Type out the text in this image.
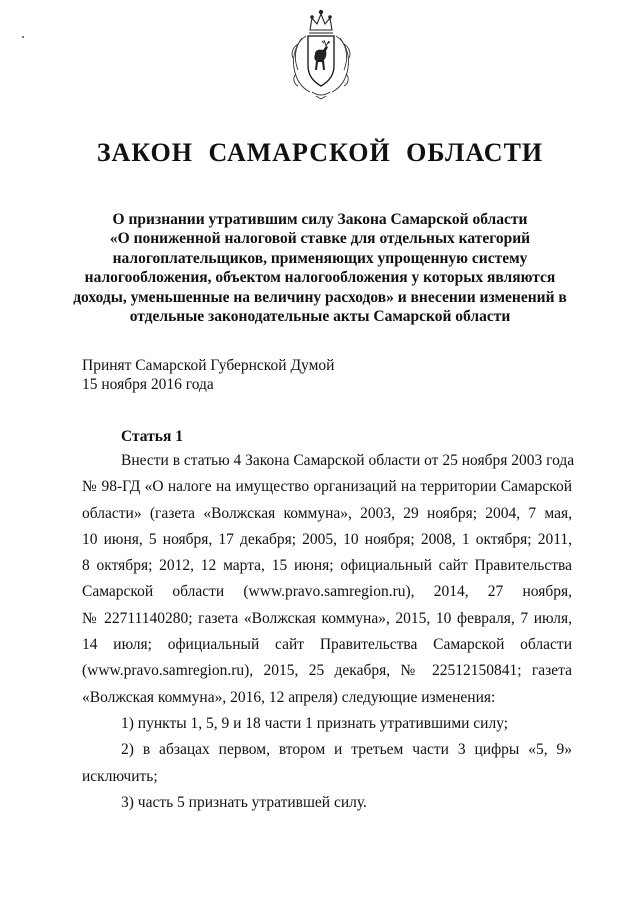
ЗАКОН САМАРСКОЙ ОБЛАСТИ
О признании утратившим силу Закона Самарской области
«О пониженной налоговой ставке для отдельных категорий
налогоплательщиков, применяющих упрощенную систему
налогообложения, объектом налогообложения у которых являются
доходы, уменьшенные на величину расходов» и внесении изменений в
отдельные законодательные акты Самарской области
Принят Самарской Губернской Думой
15 ноября 2016 года
Статья 1
Внести в статью 4 Закона Самарской области от 25 ноября 2003 года
№ 98-ГД «О налоге на имущество организаций на территории Самарской
области» (газета «Волжская коммуна», 2003, 29 ноября; 2004, 7 мая,
10 июня, 5 ноября, 17 декабря; 2005, 10 ноября; 2008, 1 октября; 2011,
8 октября; 2012, 12 марта, 15 июня; официальный сайт Правительства
Самарской области (www.pravo.samregion.ru), 2014, 27 ноября,
№ 22711140280; газета «Волжская коммуна», 2015, 10 февраля, 7 июля,
14 июля; официальный сайт Правительства Самарской области
(www.pravo.samregion.ru), 2015, 25 декабря, № 22512150841; газета
«Волжская коммуна», 2016, 12 апреля) следующие изменения:
1) пункты 1, 5, 9 и 18 части 1 признать утратившими силу;
2) в абзацах первом, втором и третьем части 3 цифры «5, 9»
исключить;
3) часть 5 признать утратившей силу.
